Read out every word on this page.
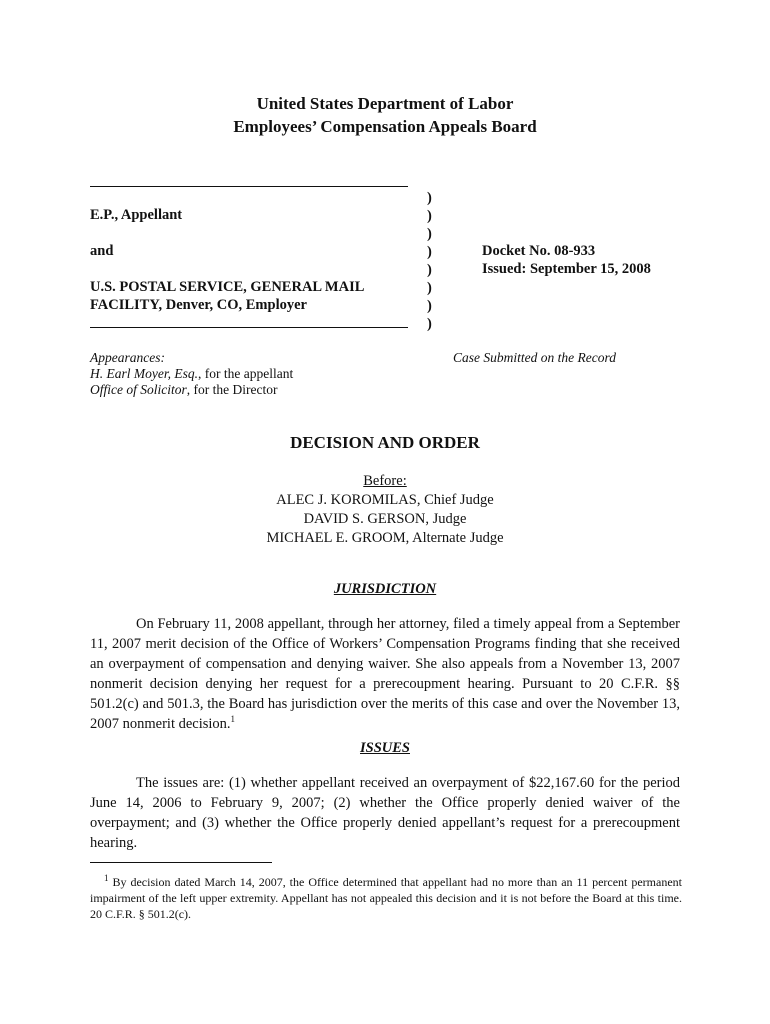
United States Department of Labor
Employees’ Compensation Appeals Board
E.P., Appellant
and
U.S. POSTAL SERVICE, GENERAL MAIL
FACILITY, Denver, CO, Employer
)
)
)
)
)
)
)
)
Docket No. 08-933
Issued: September 15, 2008
Appearances:
H. Earl Moyer, Esq., for the appellant
Office of Solicitor, for the Director
Case Submitted on the Record
DECISION AND ORDER
Before:
ALEC J. KOROMILAS, Chief Judge
DAVID S. GERSON, Judge
MICHAEL E. GROOM, Alternate Judge
JURISDICTION
On February 11, 2008 appellant, through her attorney, filed a timely appeal from a September 11, 2007 merit decision of the Office of Workers’ Compensation Programs finding that she received an overpayment of compensation and denying waiver. She also appeals from a November 13, 2007 nonmerit decision denying her request for a prerecoupment hearing. Pursuant to 20 C.F.R. §§ 501.2(c) and 501.3, the Board has jurisdiction over the merits of this case and over the November 13, 2007 nonmerit decision.$^1$
ISSUES
The issues are: (1) whether appellant received an overpayment of $22,167.60 for the period June 14, 2006 to February 9, 2007; (2) whether the Office properly denied waiver of the overpayment; and (3) whether the Office properly denied appellant’s request for a prerecoupment hearing.
$^1$ By decision dated March 14, 2007, the Office determined that appellant had no more than an 11 percent permanent impairment of the left upper extremity. Appellant has not appealed this decision and it is not before the Board at this time. 20 C.F.R. § 501.2(c).
